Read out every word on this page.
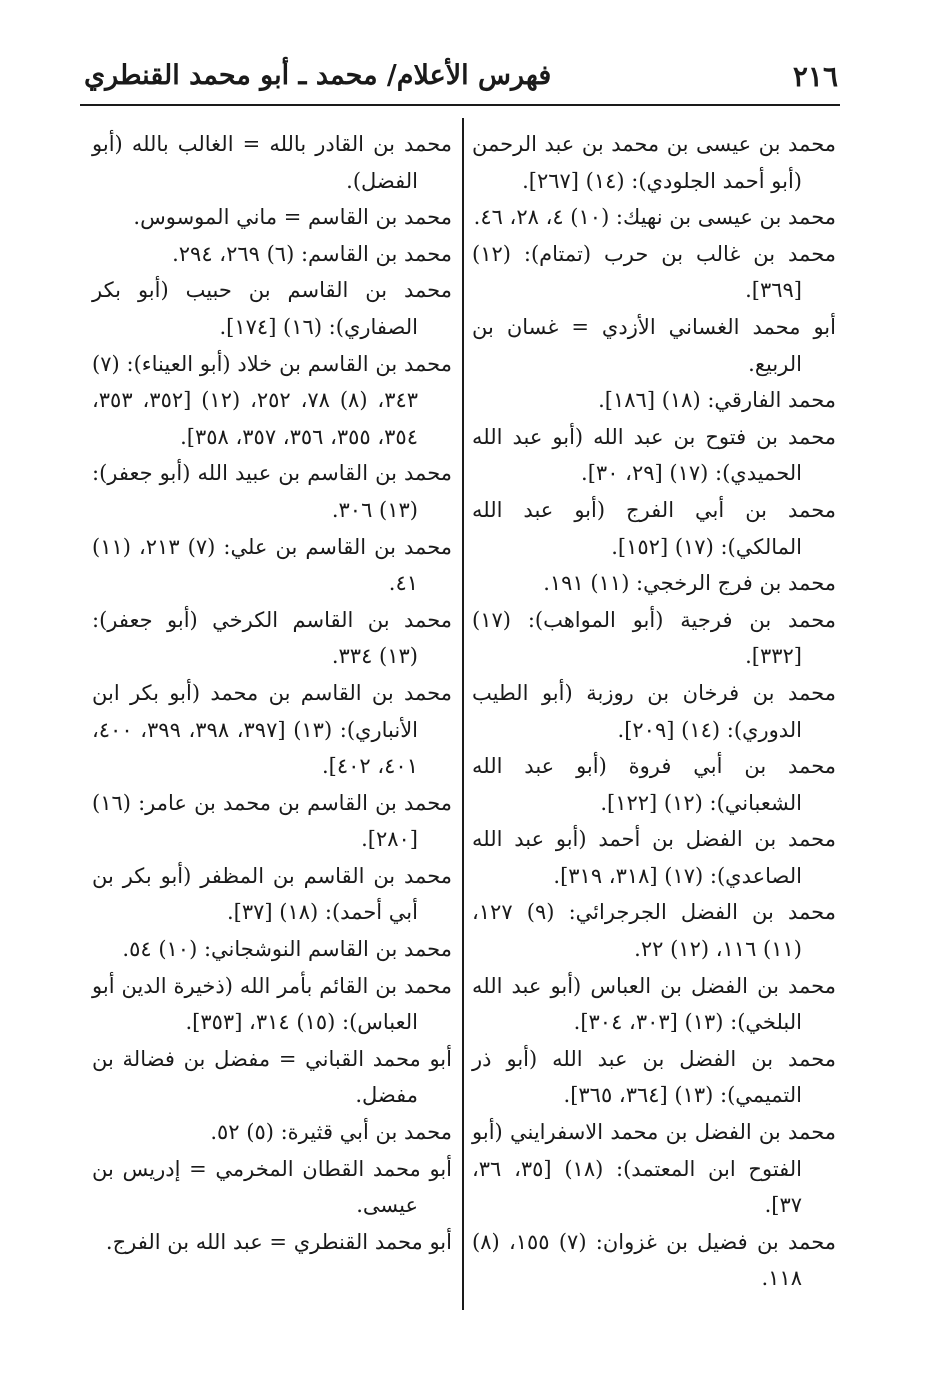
٢١٦
فهرس الأعلام/ محمد ـ أبو محمد القنطري
محمد بن عيسى بن محمد بن عبد الرحمن (أبو أحمد الجلودي): (١٤) [٢٦٧].
محمد بن عيسى بن نهيك: (١٠) ٤، ٢٨، ٤٦.
محمد بن غالب بن حرب (تمتام): (١٢) [٣٦٩].
أبو محمد الغساني الأزدي = غسان بن الربيع.
محمد الفارقي: (١٨) [١٨٦].
محمد بن فتوح بن عبد الله (أبو عبد الله الحميدي): (١٧) [٢٩، ٣٠].
محمد بن أبي الفرج (أبو عبد الله المالكي): (١٧) [١٥٢].
محمد بن فرج الرخجي: (١١) ١٩١.
محمد بن فرجية (أبو المواهب): (١٧) [٣٣٢].
محمد بن فرخان بن روزبة (أبو الطيب الدوري): (١٤) [٢٠٩].
محمد بن أبي فروة (أبو عبد الله الشعباني): (١٢) [١٢٢].
محمد بن الفضل بن أحمد (أبو عبد الله الصاعدي): (١٧) [٣١٨، ٣١٩].
محمد بن الفضل الجرجرائي: (٩) ١٢٧، (١١) ١١٦، (١٢) ٢٢.
محمد بن الفضل بن العباس (أبو عبد الله البلخي): (١٣) [٣٠٣، ٣٠٤].
محمد بن الفضل بن عبد الله (أبو ذر التميمي): (١٣) [٣٦٤، ٣٦٥].
محمد بن الفضل بن محمد الاسفرايني (أبو الفتوح ابن المعتمد): (١٨) [٣٥، ٣٦، ٣٧].
محمد بن فضيل بن غزوان: (٧) ١٥٥، (٨) ١١٨.
محمد بن القادر بالله = الغالب بالله (أبو الفضل).
محمد بن القاسم = ماني الموسوس.
محمد بن القاسم: (٦) ٢٦٩، ٢٩٤.
محمد بن القاسم بن حبيب (أبو بكر الصفاري): (١٦) [١٧٤].
محمد بن القاسم بن خلاد (أبو العيناء): (٧) ٣٤٣، (٨) ٧٨، ٢٥٢، (١٢) [٣٥٢، ٣٥٣، ٣٥٤، ٣٥٥، ٣٥٦، ٣٥٧، ٣٥٨].
محمد بن القاسم بن عبيد الله (أبو جعفر): (١٣) ٣٠٦.
محمد بن القاسم بن علي: (٧) ٢١٣، (١١) ٤١.
محمد بن القاسم الكرخي (أبو جعفر): (١٣) ٣٣٤.
محمد بن القاسم بن محمد (أبو بكر ابن الأنباري): (١٣) [٣٩٧، ٣٩٨، ٣٩٩، ٤٠٠، ٤٠١، ٤٠٢].
محمد بن القاسم بن محمد بن عامر: (١٦) [٢٨٠].
محمد بن القاسم بن المظفر (أبو بكر بن أبي أحمد): (١٨) [٣٧].
محمد بن القاسم النوشجاني: (١٠) ٥٤.
محمد بن القائم بأمر الله (ذخيرة الدين أبو العباس): (١٥) ٣١٤، [٣٥٣].
أبو محمد القباني = مفضل بن فضالة بن مفضل.
محمد بن أبي قثيرة: (٥) ٥٢.
أبو محمد القطان المخرمي = إدريس بن عيسى.
أبو محمد القنطري = عبد الله بن الفرج.
